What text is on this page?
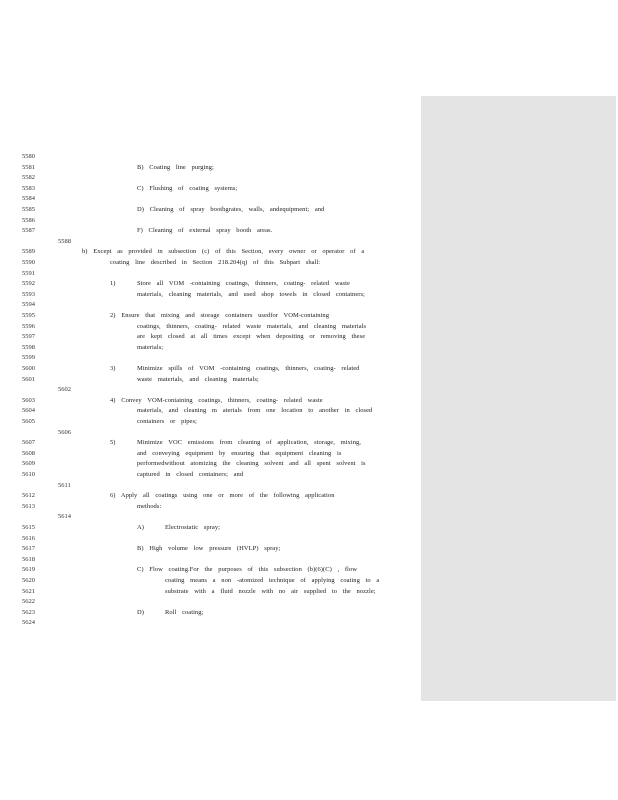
5580
5581
5582
5583
5584
5585
5586
5587
5588
5589
5590
5591
5592
5593
5594
5595
5596
5597
5598
5599
5600
5601
5602
5603
5604
5605
5606
5607
5608
5609
5610
5611
5612
5613
5614
5615
5616
5617
5618
5619
5620
5621
5622
5623
5624
B) Coating line purging;
C) Flushing of coating systems;
D) Cleaning of spray boothgrates, walls, andequipment; and
F) Cleaning of external spray booth areas.
b) Except as provided in subsection (c) of this Section, every owner or operator of a
coating line described in Section 218.204(q) of this Subpart shall:
1)	Store all VOM -containing coatings, thinners, coating- related waste
materials, cleaning materials, and used shop towels in closed containers;
2) Ensure that mixing and storage containers usedfor VOM-containing
coatings, thinners, coating- related waste materials, and cleaning materials
are kept closed at all times except when depositing or removing these
materials;
3)	Minimize spills of VOM -containing coatings, thinners, coating- related
waste materials, and cleaning materials;
4) Convey VOM-containing coatings, thinners, coating- related waste
materials, and cleaning m aterials from one location to another in closed
containers or pipes;
5)	Minimize VOC emissions from cleaning of application, storage, mixing,
and conveying equipment by ensuring that equipment cleaning is
performedwithout atomizing the cleaning solvent and all spent solvent is
captured in closed containers; and
6) Apply all coatings using one or more of the following application
methods:
A)	Electrostatic spray;
B) High volume low pressure (HVLP) spray;
C) Flow coating.For the purposes of this subsection (b)(6)(C) , flow
coating means a non -atomized technique of applying coating to a
substrate with a fluid nozzle with no air supplied to the nozzle;
D)	Roll coating;
